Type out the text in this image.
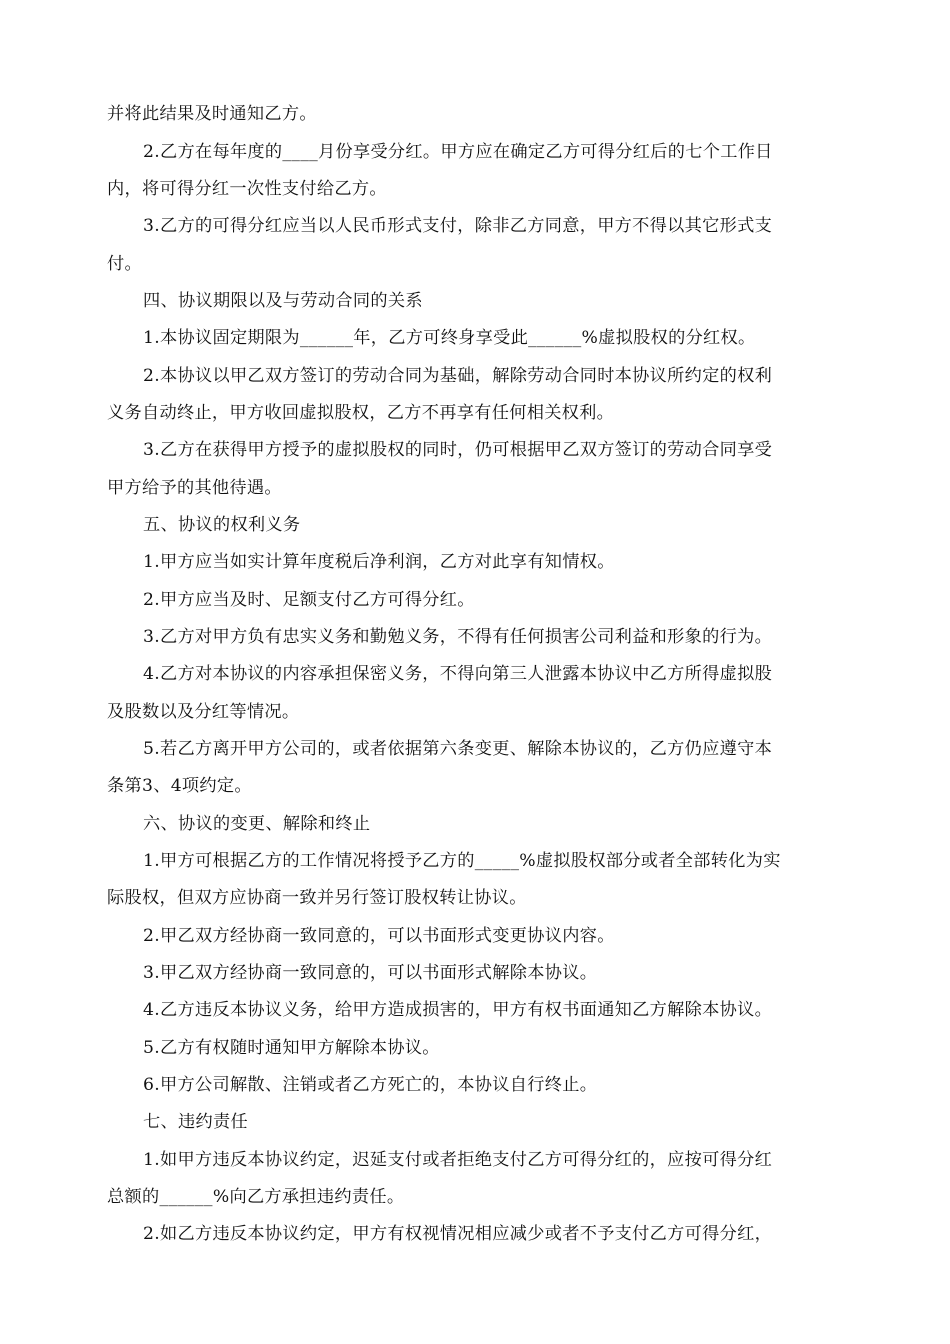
并将此结果及时通知乙方。
2.乙方在每年度的____月份享受分红。甲方应在确定乙方可得分红后的七个工作日
内，将可得分红一次性支付给乙方。
3.乙方的可得分红应当以人民币形式支付，除非乙方同意，甲方不得以其它形式支
付。
四、协议期限以及与劳动合同的关系
1.本协议固定期限为______年，乙方可终身享受此______%虚拟股权的分红权。
2.本协议以甲乙双方签订的劳动合同为基础，解除劳动合同时本协议所约定的权利
义务自动终止，甲方收回虚拟股权，乙方不再享有任何相关权利。
3.乙方在获得甲方授予的虚拟股权的同时，仍可根据甲乙双方签订的劳动合同享受
甲方给予的其他待遇。
五、协议的权利义务
1.甲方应当如实计算年度税后净利润，乙方对此享有知情权。
2.甲方应当及时、足额支付乙方可得分红。
3.乙方对甲方负有忠实义务和勤勉义务，不得有任何损害公司利益和形象的行为。
4.乙方对本协议的内容承担保密义务，不得向第三人泄露本协议中乙方所得虚拟股
及股数以及分红等情况。
5.若乙方离开甲方公司的，或者依据第六条变更、解除本协议的，乙方仍应遵守本
条第3、4项约定。
六、协议的变更、解除和终止
1.甲方可根据乙方的工作情况将授予乙方的_____%虚拟股权部分或者全部转化为实
际股权，但双方应协商一致并另行签订股权转让协议。
2.甲乙双方经协商一致同意的，可以书面形式变更协议内容。
3.甲乙双方经协商一致同意的，可以书面形式解除本协议。
4.乙方违反本协议义务，给甲方造成损害的，甲方有权书面通知乙方解除本协议。
5.乙方有权随时通知甲方解除本协议。
6.甲方公司解散、注销或者乙方死亡的，本协议自行终止。
七、违约责任
1.如甲方违反本协议约定，迟延支付或者拒绝支付乙方可得分红的，应按可得分红
总额的______%向乙方承担违约责任。
2.如乙方违反本协议约定，甲方有权视情况相应减少或者不予支付乙方可得分红，
